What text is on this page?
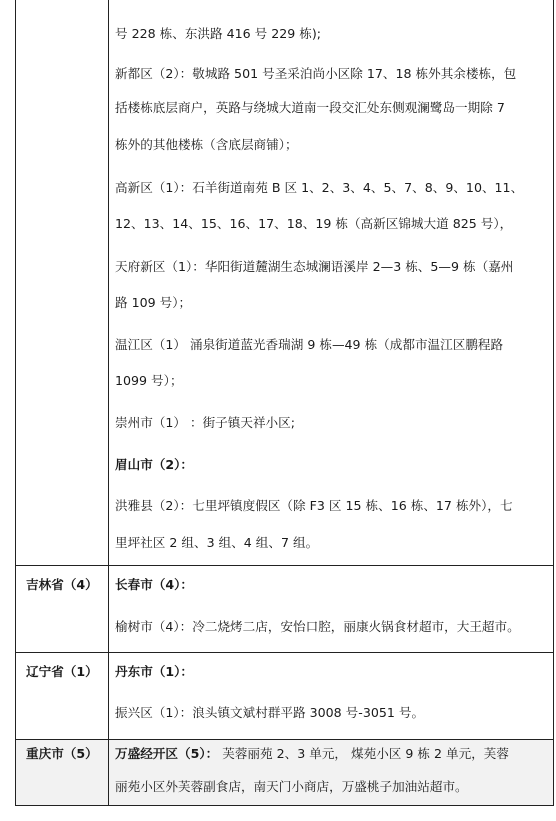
号 228 栋、东洪路 416 号 229 栋);
新都区（2）：敬城路 501 号圣采泊尚小区除 17、18 栋外其余楼栋，包
括楼栋底层商户，英路与绕城大道南一段交汇处东侧观澜鹭岛一期除 7
栋外的其他楼栋（含底层商铺）；
高新区（1）：石羊街道南苑 B 区 1、2、3、4、5、7、8、9、10、11、
12、13、14、15、16、17、18、19 栋（高新区锦城大道 825 号），
天府新区（1）：华阳街道麓湖生态城澜语溪岸 2—3 栋、5—9 栋（嘉州
路 109 号）；
温江区（1） 涌泉街道蓝光香瑞湖 9 栋—49 栋（成都市温江区鹏程路
1099 号）；
崇州市（1） ：街子镇天祥小区;
眉山市（2）：
洪雅县（2）：七里坪镇度假区（除 F3 区 15 栋、16 栋、17 栋外），七
里坪社区 2 组、3 组、4 组、7 组。
吉林省（4） 长春市（4）：
榆树市（4）：冷二烧烤二店，安怡口腔，丽康火锅食材超市，大王超市。
辽宁省（1） 丹东市（1）：
振兴区（1）：浪头镇文斌村群平路 3008 号-3051 号。
重庆市（5） 万盛经开区（5）： 芙蓉丽苑 2、3 单元， 煤苑小区 9 栋 2 单元，芙蓉
丽苑小区外芙蓉副食店，南天门小商店，万盛桃子加油站超市。
